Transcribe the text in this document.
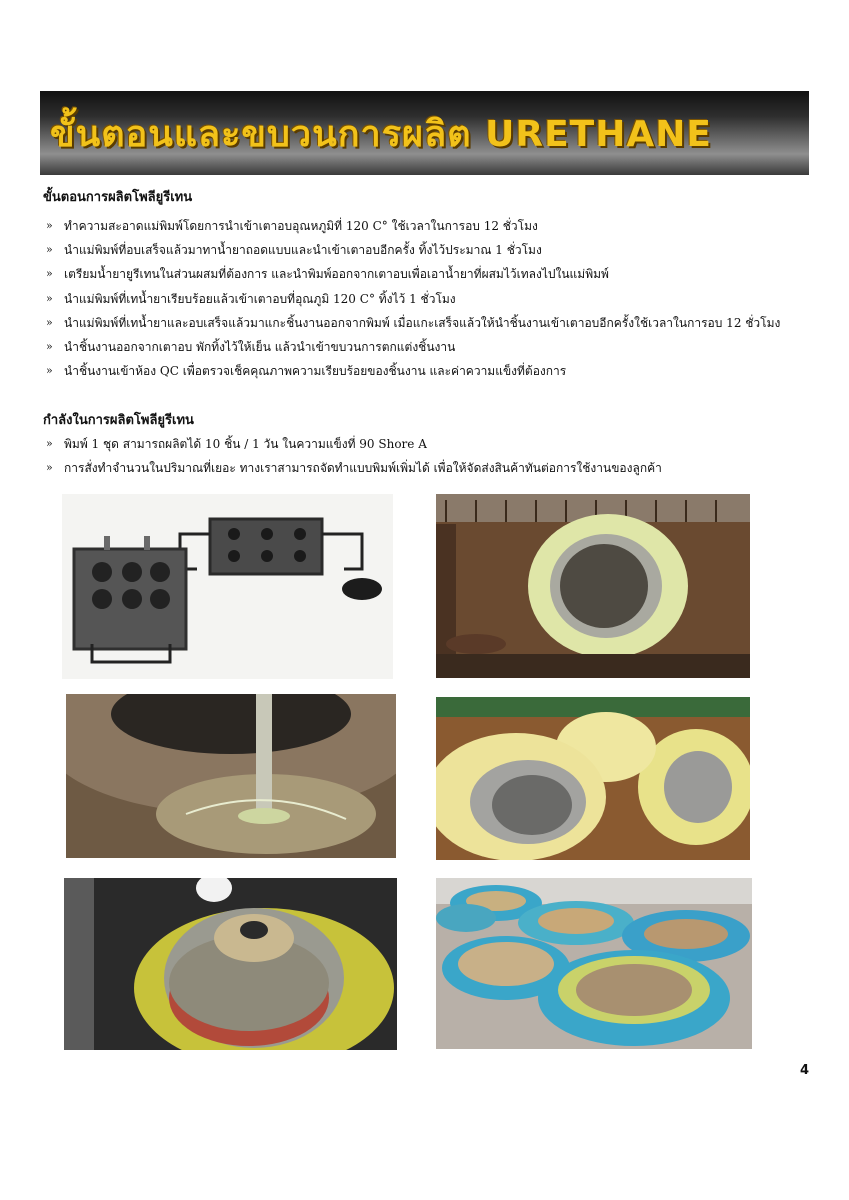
ขั้นตอนและขบวนการผลิต URETHANE
ขั้นตอนการผลิตโพลียูรีเทน
» ทำความสะอาดแม่พิมพ์โดยการนำเข้าเตาอบอุณหภูมิที่ 120 C° ใช้เวลาในการอบ 12 ชั่วโมง
» นำแม่พิมพ์ที่อบเสร็จแล้วมาทาน้ำยาถอดแบบและนำเข้าเตาอบอีกครั้ง ทิ้งไว้ประมาณ 1 ชั่วโมง
» เตรียมน้ำยายูรีเทนในส่วนผสมที่ต้องการ และนำพิมพ์ออกจากเตาอบเพื่อเอาน้ำยาที่ผสมไว้เทลงไปในแม่พิมพ์
» นำแม่พิมพ์ที่เทน้ำยาเรียบร้อยแล้วเข้าเตาอบที่อุณภูมิ 120 C° ทิ้งไว้ 1 ชั่วโมง
» นำแม่พิมพ์ที่เทน้ำยาและอบเสร็จแล้วมาแกะชิ้นงานออกจากพิมพ์ เมื่อแกะเสร็จแล้วให้นำชิ้นงานเข้าเตาอบอีกครั้งใช้เวลาในการอบ 12 ชั่วโมง
» นำชิ้นงานออกจากเตาอบ พักทิ้งไว้ให้เย็น แล้วนำเข้าขบวนการตกแต่งชิ้นงาน
» นำชิ้นงานเข้าห้อง QC เพื่อตรวจเช็คคุณภาพความเรียบร้อยของชิ้นงาน และค่าความแข็งที่ต้องการ
กำลังในการผลิตโพลียูรีเทน
» พิมพ์ 1 ชุด สามารถผลิตได้ 10 ชิ้น / 1 วัน ในความแข็งที่ 90 Shore A
» การสั่งทำจำนวนในปริมาณที่เยอะ ทางเราสามารถจัดทำแบบพิมพ์เพิ่มได้ เพื่อให้จัดส่งสินค้าทันต่อการใช้งานของลูกค้า
4
